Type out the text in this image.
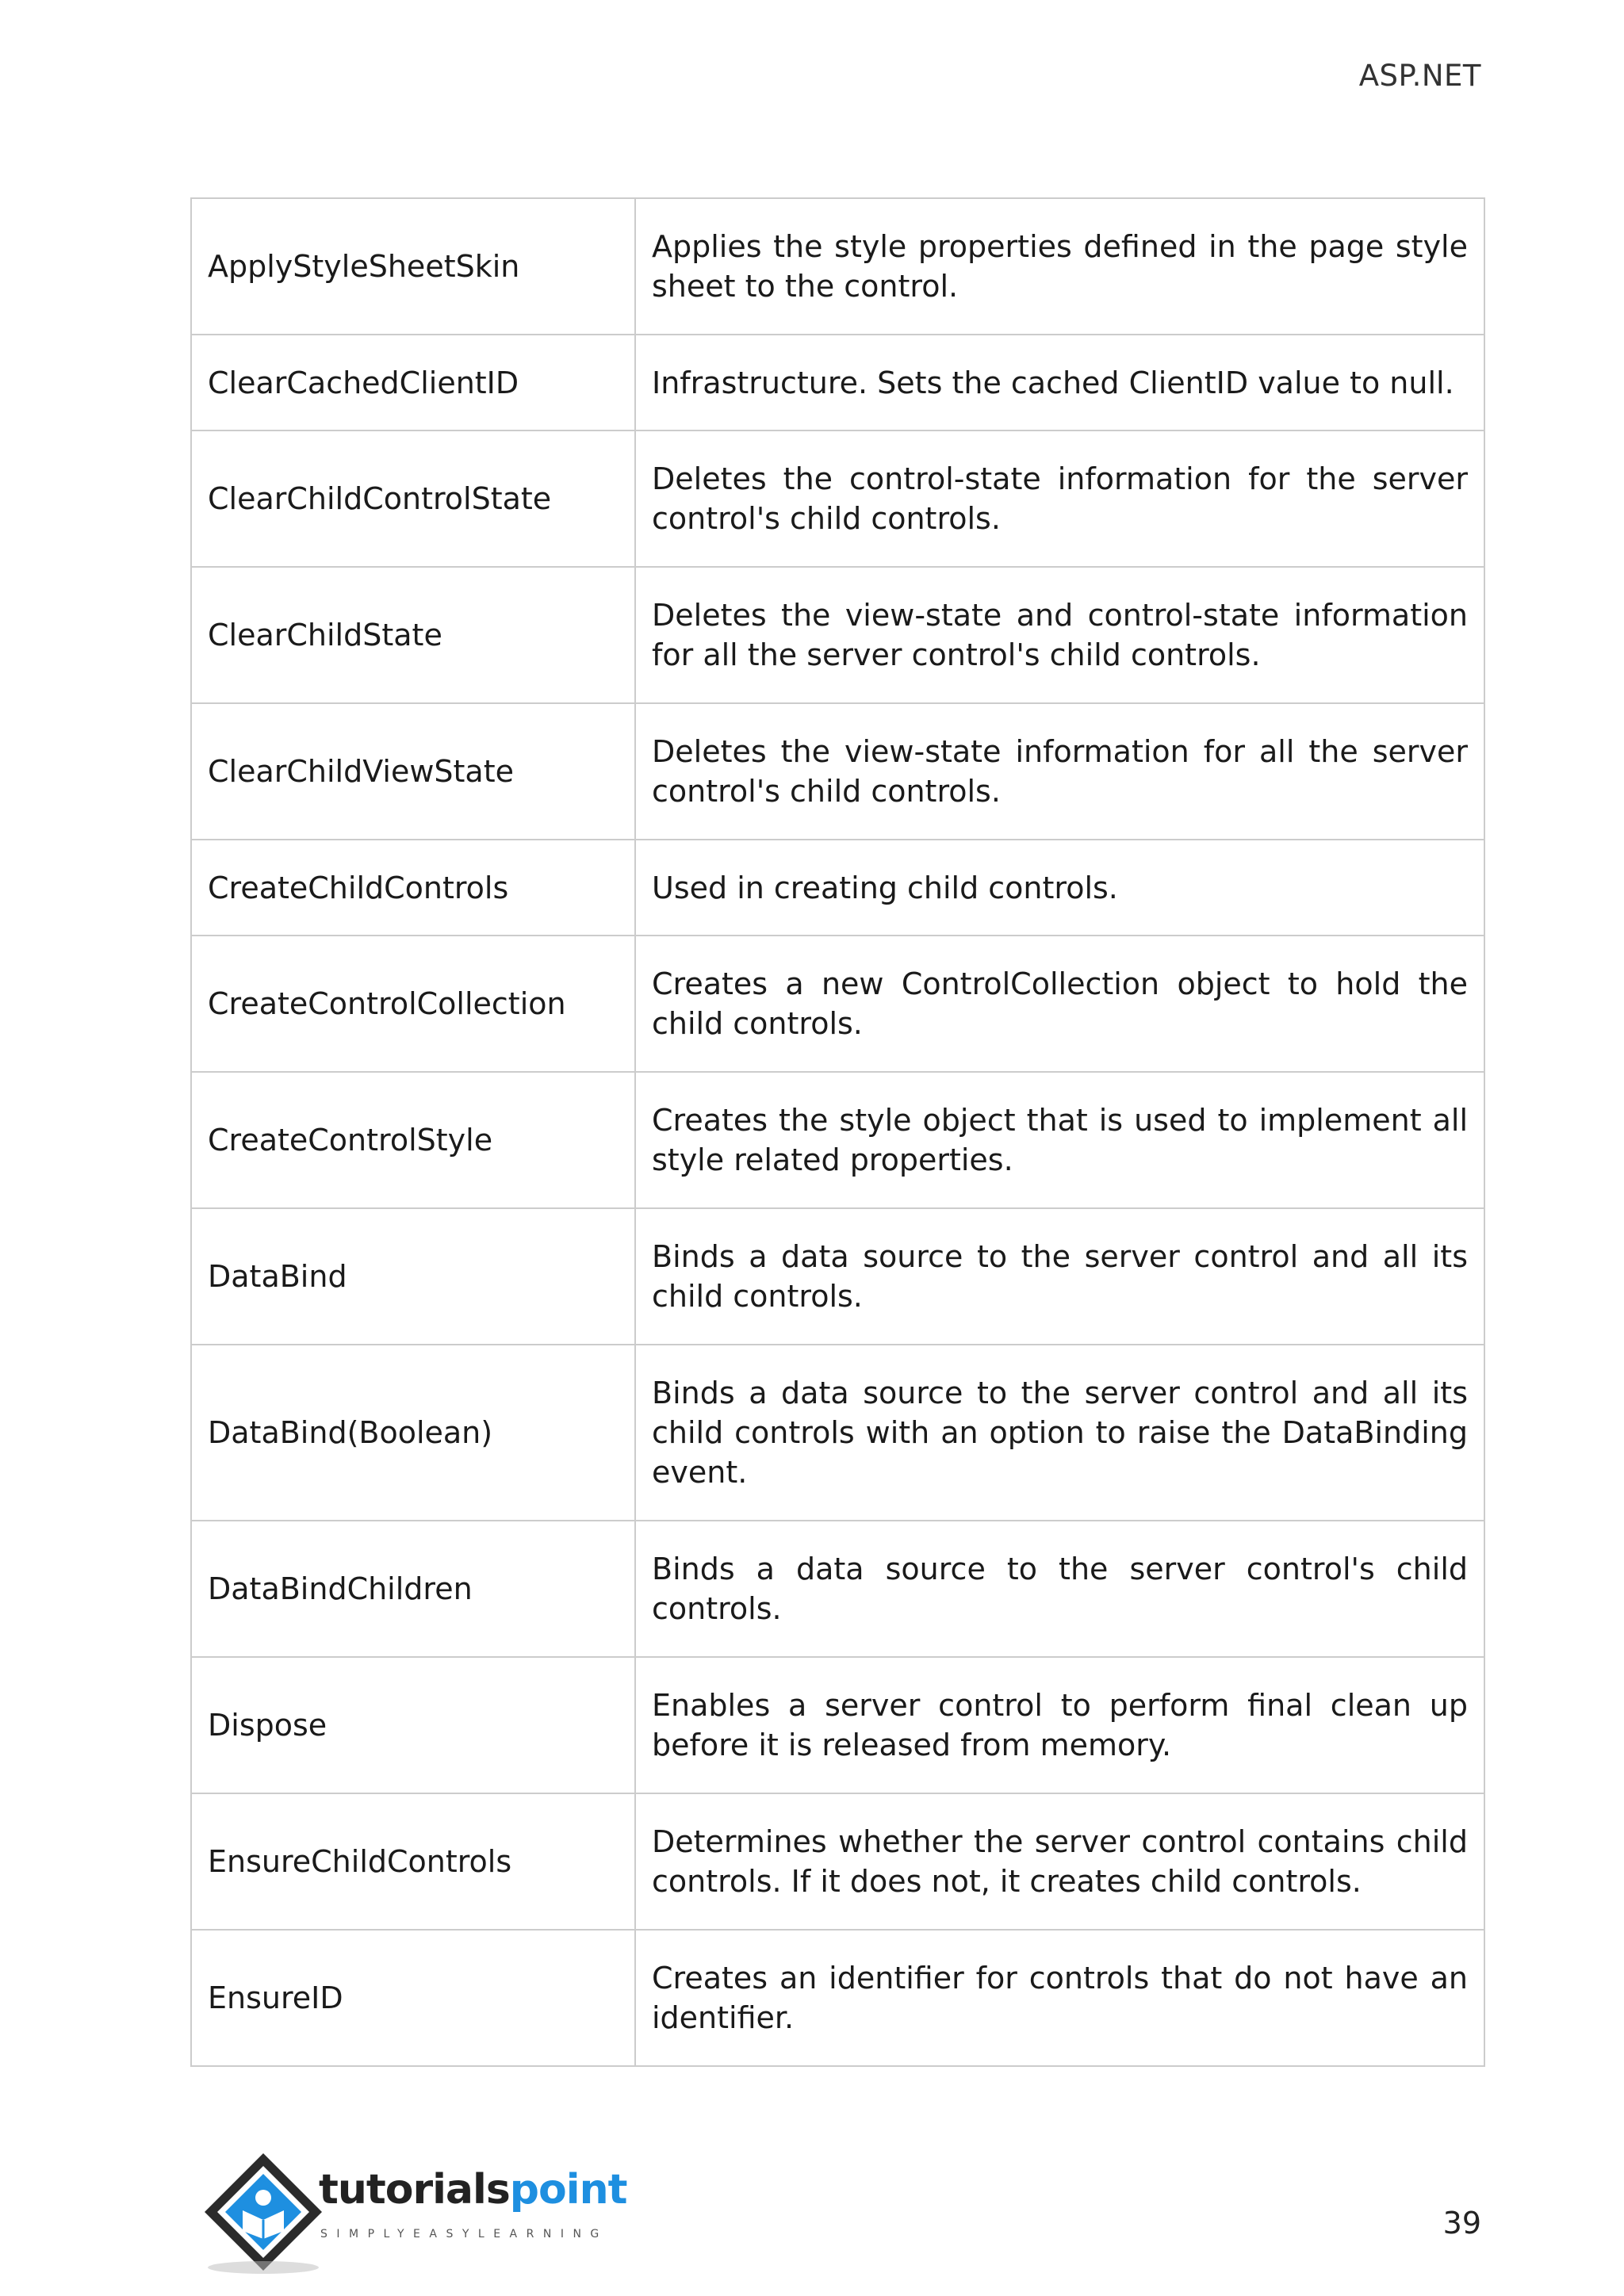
ASP.NET
ApplyStyleSheetSkin	Applies the style properties defined in the page style sheet to the control.
ClearCachedClientID	Infrastructure. Sets the cached ClientID value to null.
ClearChildControlState	Deletes the control-state information for the server control's child controls.
ClearChildState	Deletes the view-state and control-state information for all the server control's child controls.
ClearChildViewState	Deletes the view-state information for all the server control's child controls.
CreateChildControls	Used in creating child controls.
CreateControlCollection	Creates a new ControlCollection object to hold the child controls.
CreateControlStyle	Creates the style object that is used to implement all style related properties.
DataBind	Binds a data source to the server control and all its child controls.
DataBind(Boolean)	Binds a data source to the server control and all its child controls with an option to raise the DataBinding event.
DataBindChildren	Binds a data source to the server control's child controls.
Dispose	Enables a server control to perform final clean up before it is released from memory.
EnsureChildControls	Determines whether the server control contains child controls. If it does not, it creates child controls.
EnsureID	Creates an identifier for controls that do not have an identifier.
tutorialspoint
SIMPLYEASYLEARNING	39
